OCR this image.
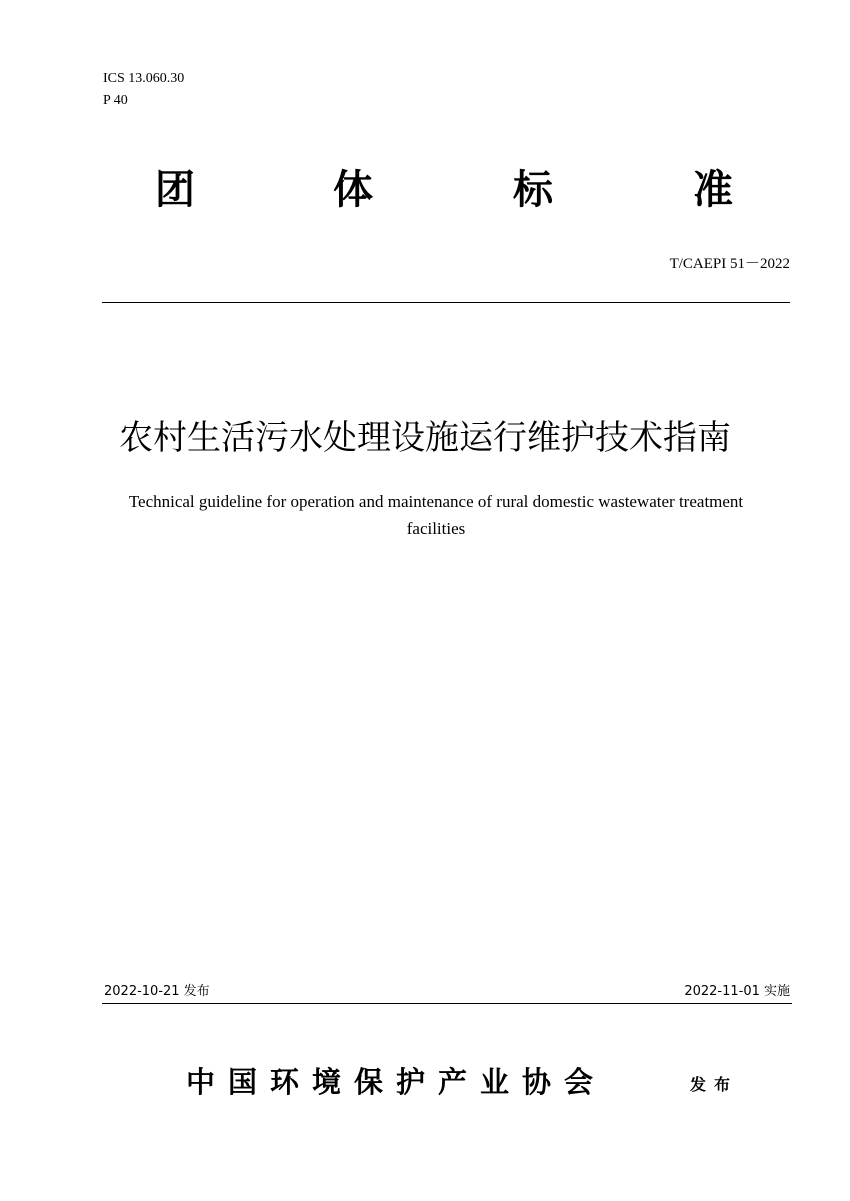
ICS 13.060.30
P 40
团	体	标	准
T/CAEPI 51－2022
农村生活污水处理设施运行维护技术指南
Technical guideline for operation and maintenance of rural domestic wastewater treatment facilities
2022-10-21 发布	2022-11-01 实施
中国环境保护产业协会	发布
